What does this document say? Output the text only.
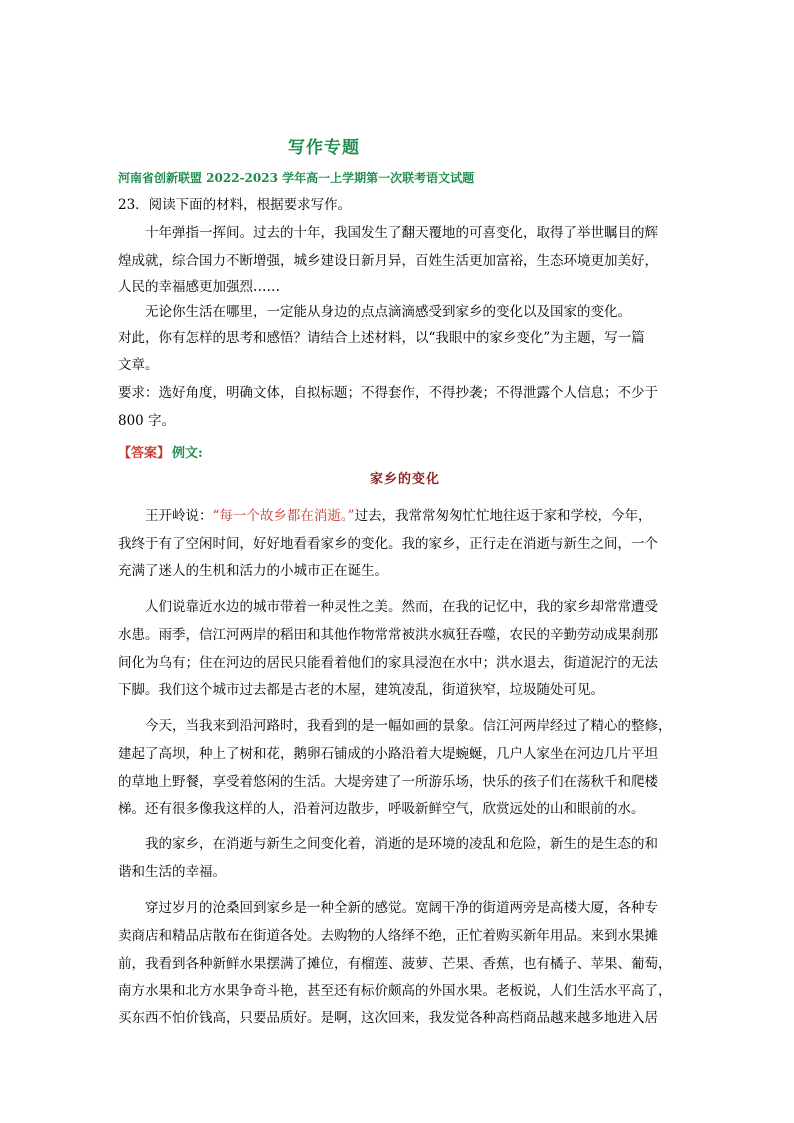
写作专题
河南省创新联盟 2022-2023 学年高一上学期第一次联考语文试题
23．阅读下面的材料，根据要求写作。
十年弹指一挥间。过去的十年，我国发生了翻天覆地的可喜变化，取得了举世瞩目的辉
煌成就，综合国力不断增强，城乡建设日新月异，百姓生活更加富裕，生态环境更加美好，
人民的幸福感更加强烈……
无论你生活在哪里，一定能从身边的点点滴滴感受到家乡的变化以及国家的变化。
对此，你有怎样的思考和感悟？请结合上述材料，以“我眼中的家乡变化”为主题，写一篇
文章。
要求：选好角度，明确文体，自拟标题；不得套作，不得抄袭；不得泄露个人信息；不少于
800 字。
【答案】 例文:
家乡的变化
王开岭说：“每一个故乡都在消逝。”过去，我常常匆匆忙忙地往返于家和学校，今年，
我终于有了空闲时间，好好地看看家乡的变化。我的家乡，正行走在消逝与新生之间，一个
充满了迷人的生机和活力的小城市正在诞生。
人们说靠近水边的城市带着一种灵性之美。然而，在我的记忆中，我的家乡却常常遭受
水患。雨季，信江河两岸的稻田和其他作物常常被洪水疯狂吞噬，农民的辛勤劳动成果刹那
间化为乌有；住在河边的居民只能看着他们的家具浸泡在水中；洪水退去，街道泥泞的无法
下脚。我们这个城市过去都是古老的木屋，建筑凌乱，街道狭窄，垃圾随处可见。
今天，当我来到沿河路时，我看到的是一幅如画的景象。信江河两岸经过了精心的整修，
建起了高坝，种上了树和花，鹅卵石铺成的小路沿着大堤蜿蜒，几户人家坐在河边几片平坦
的草地上野餐，享受着悠闲的生活。大堤旁建了一所游乐场，快乐的孩子们在荡秋千和爬楼
梯。还有很多像我这样的人，沿着河边散步，呼吸新鲜空气，欣赏远处的山和眼前的水。
我的家乡，在消逝与新生之间变化着，消逝的是环境的凌乱和危险，新生的是生态的和
谐和生活的幸福。
穿过岁月的沧桑回到家乡是一种全新的感觉。宽阔干净的街道两旁是高楼大厦，各种专
卖商店和精品店散布在街道各处。去购物的人络绎不绝，正忙着购买新年用品。来到水果摊
前，我看到各种新鲜水果摆满了摊位，有榴莲、菠萝、芒果、香蕉，也有橘子、苹果、葡萄，
南方水果和北方水果争奇斗艳，甚至还有标价颇高的外国水果。老板说，人们生活水平高了，
买东西不怕价钱高，只要品质好。是啊，这次回来，我发觉各种高档商品越来越多地进入居
